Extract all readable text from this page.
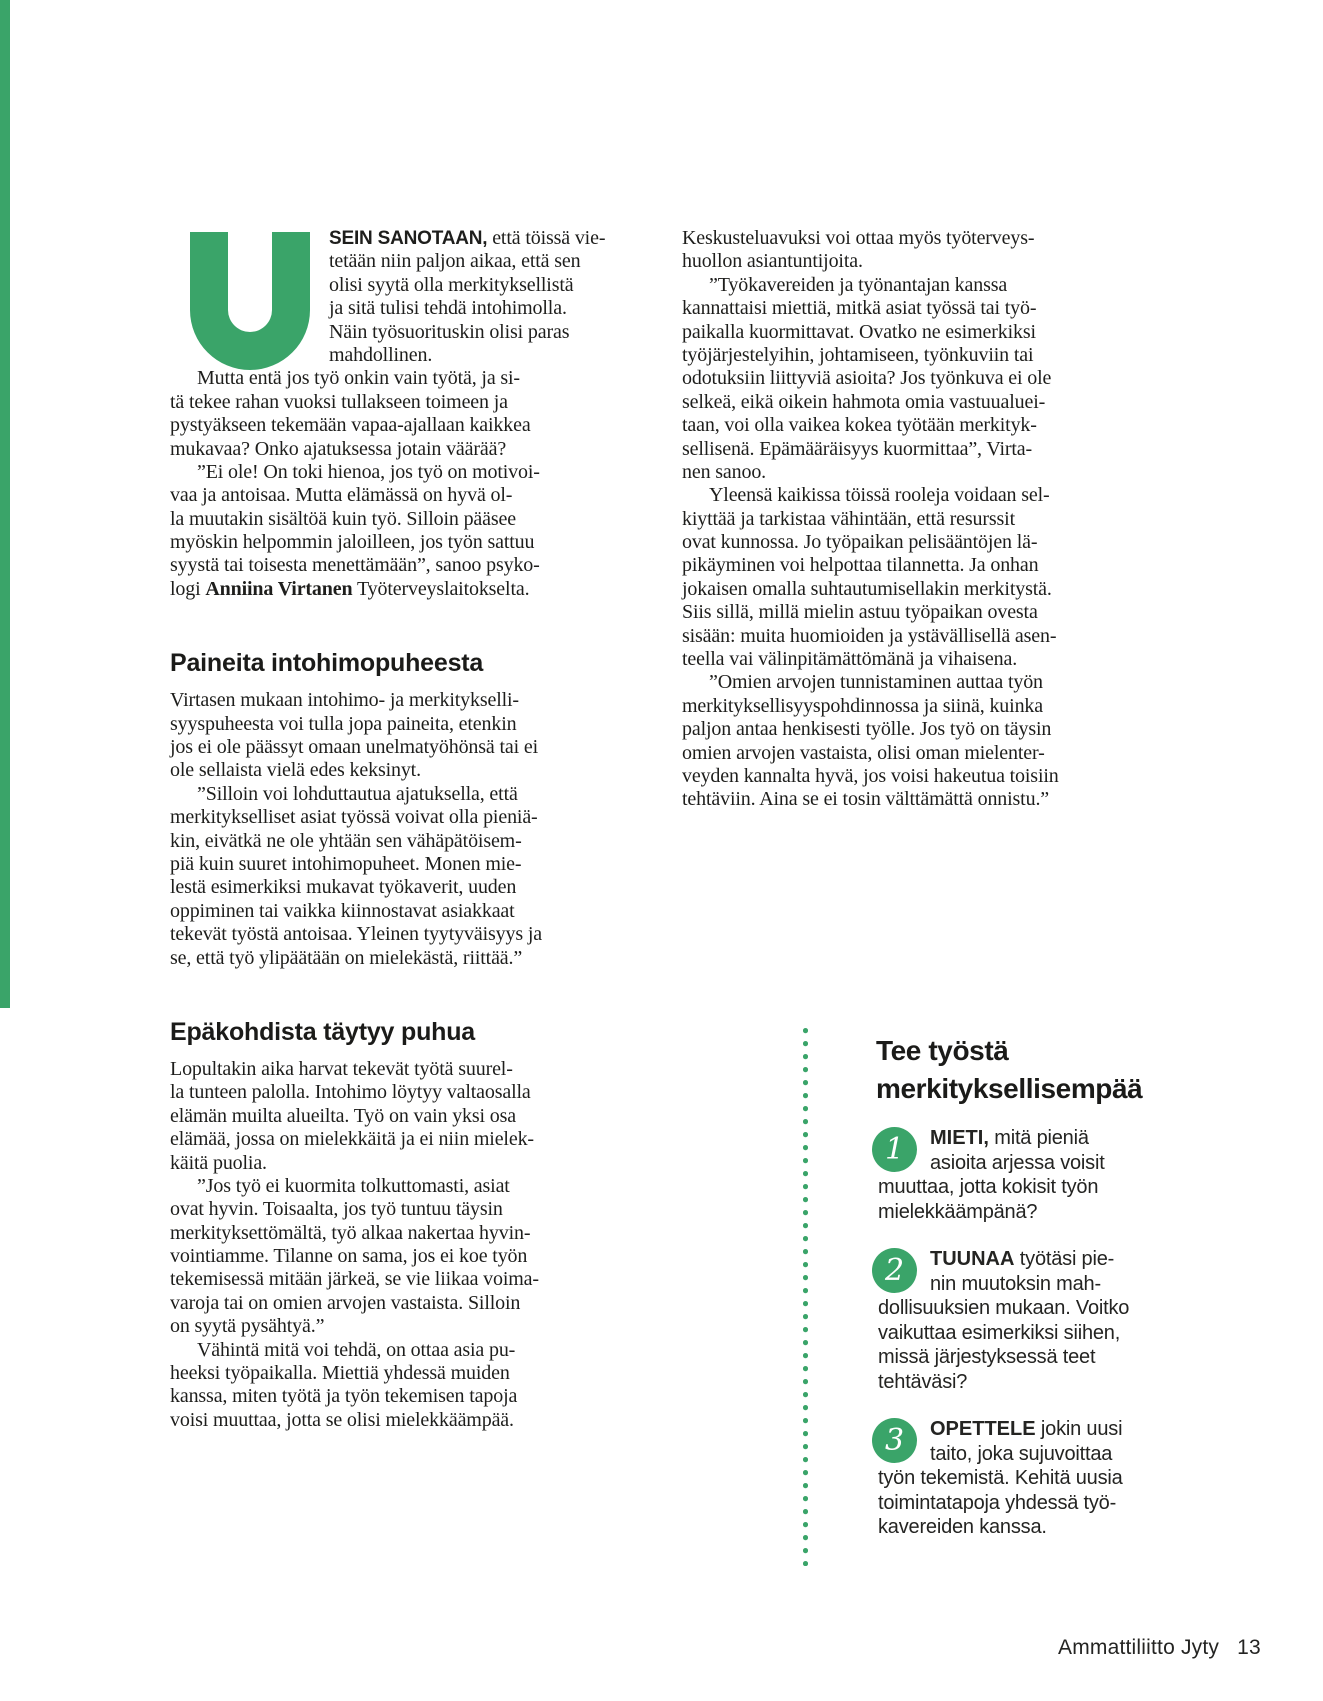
SEIN SANOTAAN, että töissä vie-
tetään niin paljon aikaa, että sen
olisi syytä olla merkityksellistä
ja sitä tulisi tehdä intohimolla.
Näin työsuorituskin olisi paras
mahdollinen.
Mutta entä jos työ onkin vain työtä, ja si-
tä tekee rahan vuoksi tullakseen toimeen ja
pystyäkseen tekemään vapaa-ajallaan kaikkea
mukavaa? Onko ajatuksessa jotain väärää?
”Ei ole! On toki hienoa, jos työ on motivoi-
vaa ja antoisaa. Mutta elämässä on hyvä ol-
la muutakin sisältöä kuin työ. Silloin pääsee
myöskin helpommin jaloilleen, jos työn sattuu
syystä tai toisesta menettämään”, sanoo psyko-
logi Anniina Virtanen Työterveyslaitokselta.
Paineita intohimopuheesta
Virtasen mukaan intohimo- ja merkitykselli-
syyspuheesta voi tulla jopa paineita, etenkin
jos ei ole päässyt omaan unelmatyöhönsä tai ei
ole sellaista vielä edes keksinyt.
”Silloin voi lohduttautua ajatuksella, että
merkitykselliset asiat työssä voivat olla pieniä-
kin, eivätkä ne ole yhtään sen vähäpätöisem-
piä kuin suuret intohimopuheet. Monen mie-
lestä esimerkiksi mukavat työkaverit, uuden
oppiminen tai vaikka kiinnostavat asiakkaat
tekevät työstä antoisaa. Yleinen tyytyväisyys ja
se, että työ ylipäätään on mielekästä, riittää.”
Epäkohdista täytyy puhua
Lopultakin aika harvat tekevät työtä suurel-
la tunteen palolla. Intohimo löytyy valtaosalla
elämän muilta alueilta. Työ on vain yksi osa
elämää, jossa on mielekkäitä ja ei niin mielek-
käitä puolia.
”Jos työ ei kuormita tolkuttomasti, asiat
ovat hyvin. Toisaalta, jos työ tuntuu täysin
merkityksettömältä, työ alkaa nakertaa hyvin-
vointiamme. Tilanne on sama, jos ei koe työn
tekemisessä mitään järkeä, se vie liikaa voima-
varoja tai on omien arvojen vastaista. Silloin
on syytä pysähtyä.”
Vähintä mitä voi tehdä, on ottaa asia pu-
heeksi työpaikalla. Miettiä yhdessä muiden
kanssa, miten työtä ja työn tekemisen tapoja
voisi muuttaa, jotta se olisi mielekkäämpää.
Keskusteluavuksi voi ottaa myös työterveys-
huollon asiantuntijoita.
”Työkavereiden ja työnantajan kanssa
kannattaisi miettiä, mitkä asiat työssä tai työ-
paikalla kuormittavat. Ovatko ne esimerkiksi
työjärjestelyihin, johtamiseen, työnkuviin tai
odotuksiin liittyviä asioita? Jos työnkuva ei ole
selkeä, eikä oikein hahmota omia vastuualuei-
taan, voi olla vaikea kokea työtään merkityk-
sellisenä. Epämääräisyys kuormittaa”, Virta-
nen sanoo.
Yleensä kaikissa töissä rooleja voidaan sel-
kiyttää ja tarkistaa vähintään, että resurssit
ovat kunnossa. Jo työpaikan pelisääntöjen lä-
pikäyminen voi helpottaa tilannetta. Ja onhan
jokaisen omalla suhtautumisellakin merkitystä.
Siis sillä, millä mielin astuu työpaikan ovesta
sisään: muita huomioiden ja ystävällisellä asen-
teella vai välinpitämättömänä ja vihaisena.
”Omien arvojen tunnistaminen auttaa työn
merkityksellisyyspohdinnossa ja siinä, kuinka
paljon antaa henkisesti työlle. Jos työ on täysin
omien arvojen vastaista, olisi oman mielenter-
veyden kannalta hyvä, jos voisi hakeutua toisiin
tehtäviin. Aina se ei tosin välttämättä onnistu.”
Tee työstä
merkityksellisempää
1	MIETI, mitä pieniä
asioita arjessa voisit
muuttaa, jotta kokisit työn
mielekkäämpänä?
2	TUUNAA työtäsi pie-
nin muutoksin mah-
dollisuuksien mukaan. Voitko
vaikuttaa esimerkiksi siihen,
missä järjestyksessä teet
tehtäväsi?
3	OPETTELE jokin uusi
taito, joka sujuvoittaa
työn tekemistä. Kehitä uusia
toimintatapoja yhdessä työ-
kavereiden kanssa.
Ammattiliitto Jyty 13
